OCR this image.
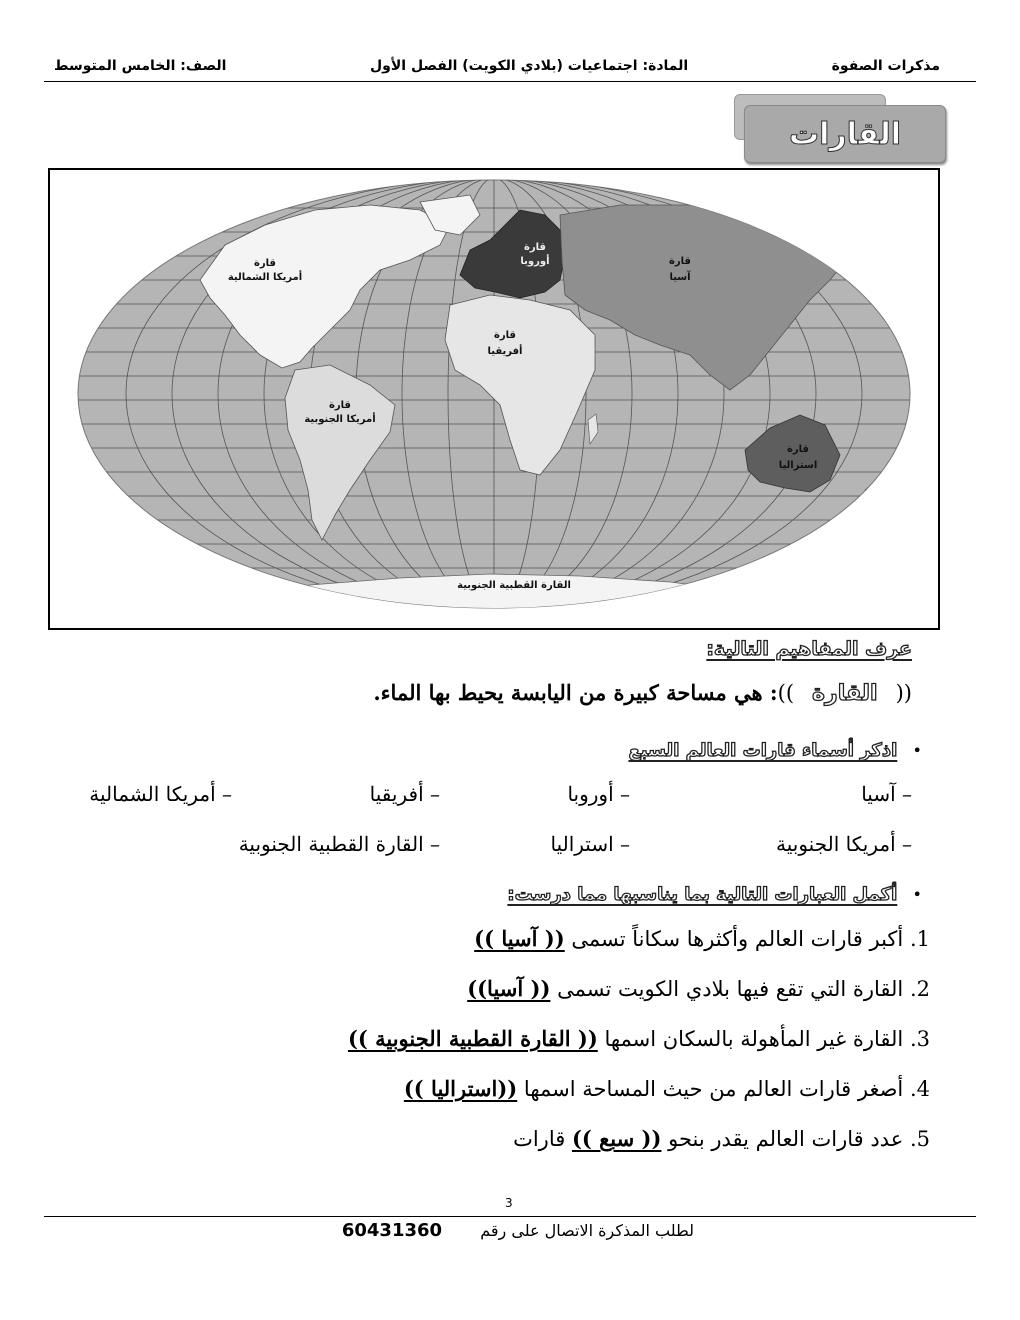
مذكرات الصفوة
المادة: اجتماعيات (بلادي الكويت) الفصل الأول
الصف: الخامس المتوسط
القارات
قارة
أمريكا الشمالية
قارة
أوروبا	قارة
آسيا
قارة
أفريقيا
قارة
أمريكا الجنوبية
قارة
استراليا
القارة القطبية الجنوبية
عرف المفاهيم التالية:
((القارة)): هي مساحة كبيرة من اليابسة يحيط بها الماء.
•   اذكر أسماء قارات العالم السبع
– آسيا
– أوروبا
– أفريقيا
– أمريكا الشمالية
– أمريكا الجنوبية
– استراليا
– القارة القطبية الجنوبية
•   أكمل العبارات التالية بما يناسبها مما درست:
1. أكبر قارات العالم وأكثرها سكاناً تسمى (( آسيا ))
2. القارة التي تقع فيها بلادي الكويت تسمى (( آسيا))
3. القارة غير المأهولة بالسكان اسمها (( القارة القطبية الجنوبية ))
4. أصغر قارات العالم من حيث المساحة اسمها ((استراليا ))
5. عدد قارات العالم يقدر بنحو (( سبع )) قارات
3
لطلب المذكرة الاتصال على رقم  60431360
